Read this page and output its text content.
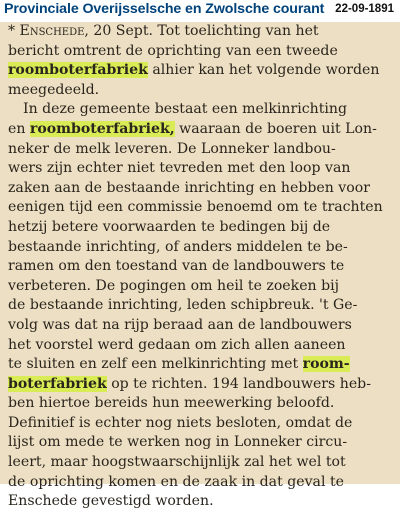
Provinciale Overijsselsche en Zwolsche courant 22-09-1891
* Enschede, 20 Sept. Tot toelichting van het
bericht omtrent de oprichting van een tweede
roomboterfabriek alhier kan het volgende worden
meegedeeld.
In deze gemeente bestaat een melkinrichting
en roomboterfabriek, waaraan de boeren uit Lon-
neker de melk leveren. De Lonneker landbou-
wers zijn echter niet tevreden met den loop van
zaken aan de bestaande inrichting en hebben voor
eenigen tijd een commissie benoemd om te trachten
hetzij betere voorwaarden te bedingen bij de
bestaande inrichting, of anders middelen te be-
ramen om den toestand van de landbouwers te
verbeteren. De pogingen om heil te zoeken bij
de bestaande inrichting, leden schipbreuk. 't Ge-
volg was dat na rijp beraad aan de landbouwers
het voorstel werd gedaan om zich allen aaneen
te sluiten en zelf een melkinrichting met room-
boterfabriek op te richten. 194 landbouwers heb-
ben hiertoe bereids hun meewerking beloofd.
Definitief is echter nog niets besloten, omdat de
lijst om mede te werken nog in Lonneker circu-
leert, maar hoogstwaarschijnlijk zal het wel tot
de oprichting komen en de zaak in dat geval te
Enschede gevestigd worden.
